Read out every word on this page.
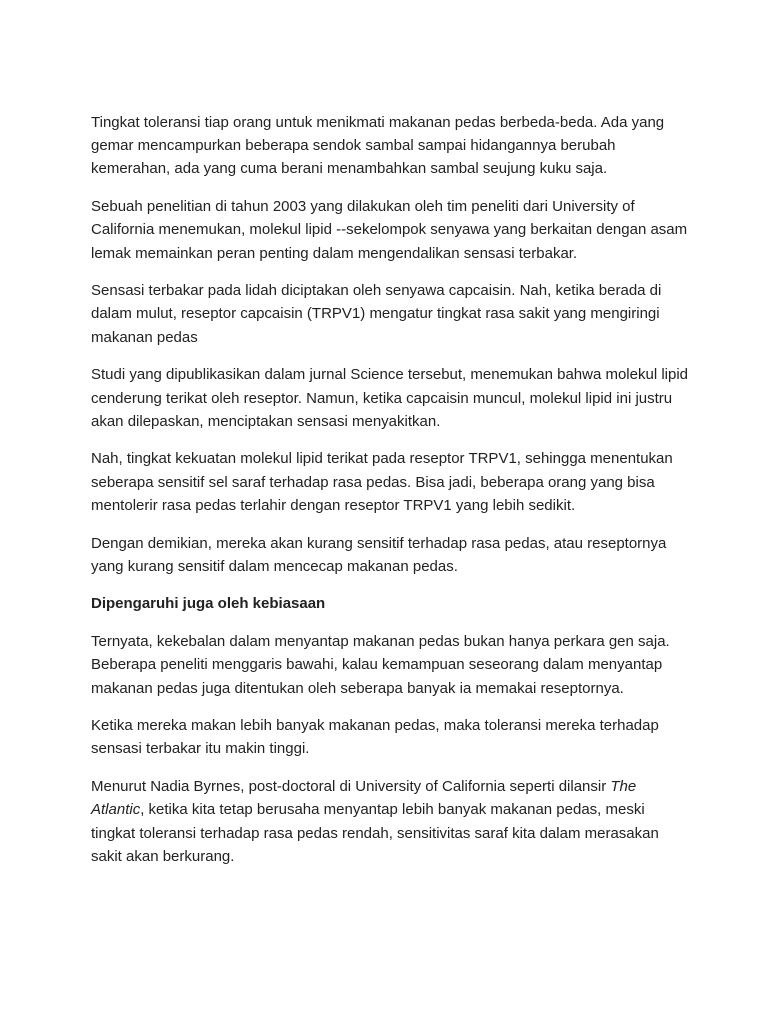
Tingkat toleransi tiap orang untuk menikmati makanan pedas berbeda-beda. Ada yang gemar mencampurkan beberapa sendok sambal sampai hidangannya berubah kemerahan, ada yang cuma berani menambahkan sambal seujung kuku saja.

Sebuah penelitian di tahun 2003 yang dilakukan oleh tim peneliti dari University of California menemukan, molekul lipid --sekelompok senyawa yang berkaitan dengan asam lemak memainkan peran penting dalam mengendalikan sensasi terbakar.

Sensasi terbakar pada lidah diciptakan oleh senyawa capcaisin. Nah, ketika berada di dalam mulut, reseptor capcaisin (TRPV1) mengatur tingkat rasa sakit yang mengiringi makanan pedas

Studi yang dipublikasikan dalam jurnal Science tersebut, menemukan bahwa molekul lipid cenderung terikat oleh reseptor. Namun, ketika capcaisin muncul, molekul lipid ini justru akan dilepaskan, menciptakan sensasi menyakitkan.

Nah, tingkat kekuatan molekul lipid terikat pada reseptor TRPV1, sehingga menentukan seberapa sensitif sel saraf terhadap rasa pedas. Bisa jadi, beberapa orang yang bisa mentolerir rasa pedas terlahir dengan reseptor TRPV1 yang lebih sedikit.

Dengan demikian, mereka akan kurang sensitif terhadap rasa pedas, atau reseptornya yang kurang sensitif dalam mencecap makanan pedas.

Dipengaruhi juga oleh kebiasaan

Ternyata, kekebalan dalam menyantap makanan pedas bukan hanya perkara gen saja. Beberapa peneliti menggaris bawahi, kalau kemampuan seseorang dalam menyantap makanan pedas juga ditentukan oleh seberapa banyak ia memakai reseptornya.

Ketika mereka makan lebih banyak makanan pedas, maka toleransi mereka terhadap sensasi terbakar itu makin tinggi.

Menurut Nadia Byrnes, post-doctoral di University of California seperti dilansir The Atlantic, ketika kita tetap berusaha menyantap lebih banyak makanan pedas, meski tingkat toleransi terhadap rasa pedas rendah, sensitivitas saraf kita dalam merasakan sakit akan berkurang.
